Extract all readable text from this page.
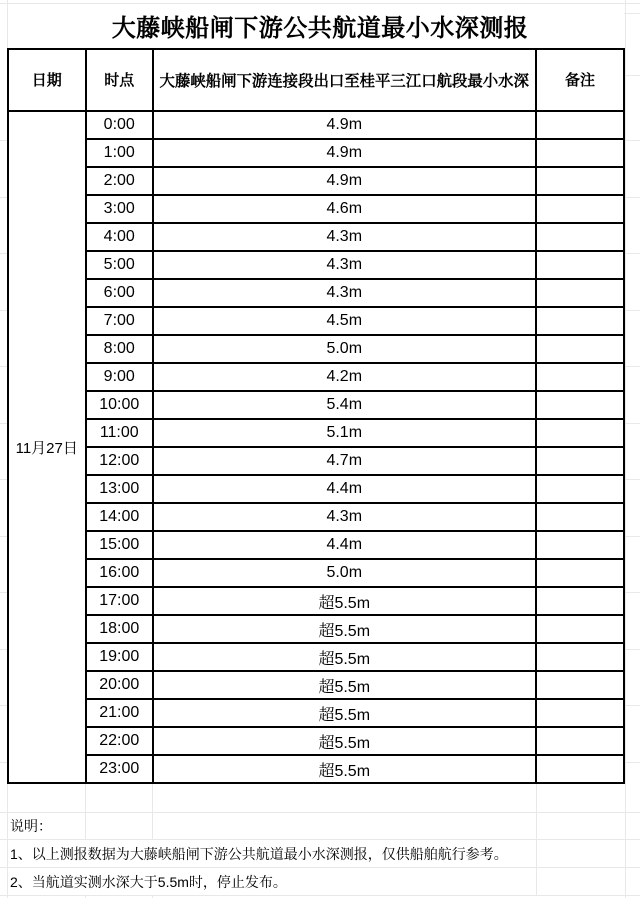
大藤峡船闸下游公共航道最小水深测报
日期	时点	大藤峡船闸下游连接段出口至桂平三江口航段最小水深	备注
11月27日
0:00	4.9m
1:00	4.9m
2:00	4.9m
3:00	4.6m
4:00	4.3m
5:00	4.3m
6:00	4.3m
7:00	4.5m
8:00	5.0m
9:00	4.2m
10:00	5.4m
11:00	5.1m
12:00	4.7m
13:00	4.4m
14:00	4.3m
15:00	4.4m
16:00	5.0m
17:00	超5.5m
18:00	超5.5m
19:00	超5.5m
20:00	超5.5m
21:00	超5.5m
22:00	超5.5m
23:00	超5.5m
说明：
1、以上测报数据为大藤峡船闸下游公共航道最小水深测报，仅供船舶航行参考。
2、当航道实测水深大于5.5m时，停止发布。
